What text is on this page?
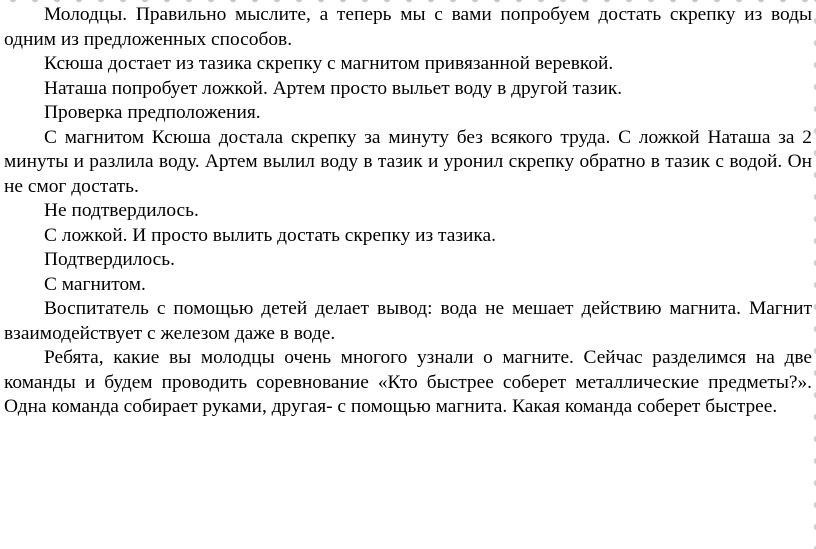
Молодцы. Правильно мыслите, а теперь мы с вами попробуем достать скрепку из воды одним из предложенных способов.

Ксюша достает из тазика скрепку с магнитом привязанной веревкой.

Наташа попробует ложкой. Артем просто выльет воду в другой тазик.

Проверка предположения.

С магнитом Ксюша достала скрепку за минуту без всякого труда. С ложкой Наташа за 2 минуты и разлила воду. Артем вылил воду в тазик и уронил скрепку обратно в тазик с водой. Он не смог достать.

Не подтвердилось.

С ложкой. И просто вылить достать скрепку из тазика.

Подтвердилось.

С магнитом.

Воспитатель с помощью детей делает вывод: вода не мешает действию магнита. Магнит взаимодействует с железом даже в воде.

Ребята, какие вы молодцы очень многого узнали о магните. Сейчас разделимся на две команды и будем проводить соревнование «Кто быстрее соберет металлические предметы?». Одна команда собирает руками, другая- с помощью магнита. Какая команда соберет быстрее.
